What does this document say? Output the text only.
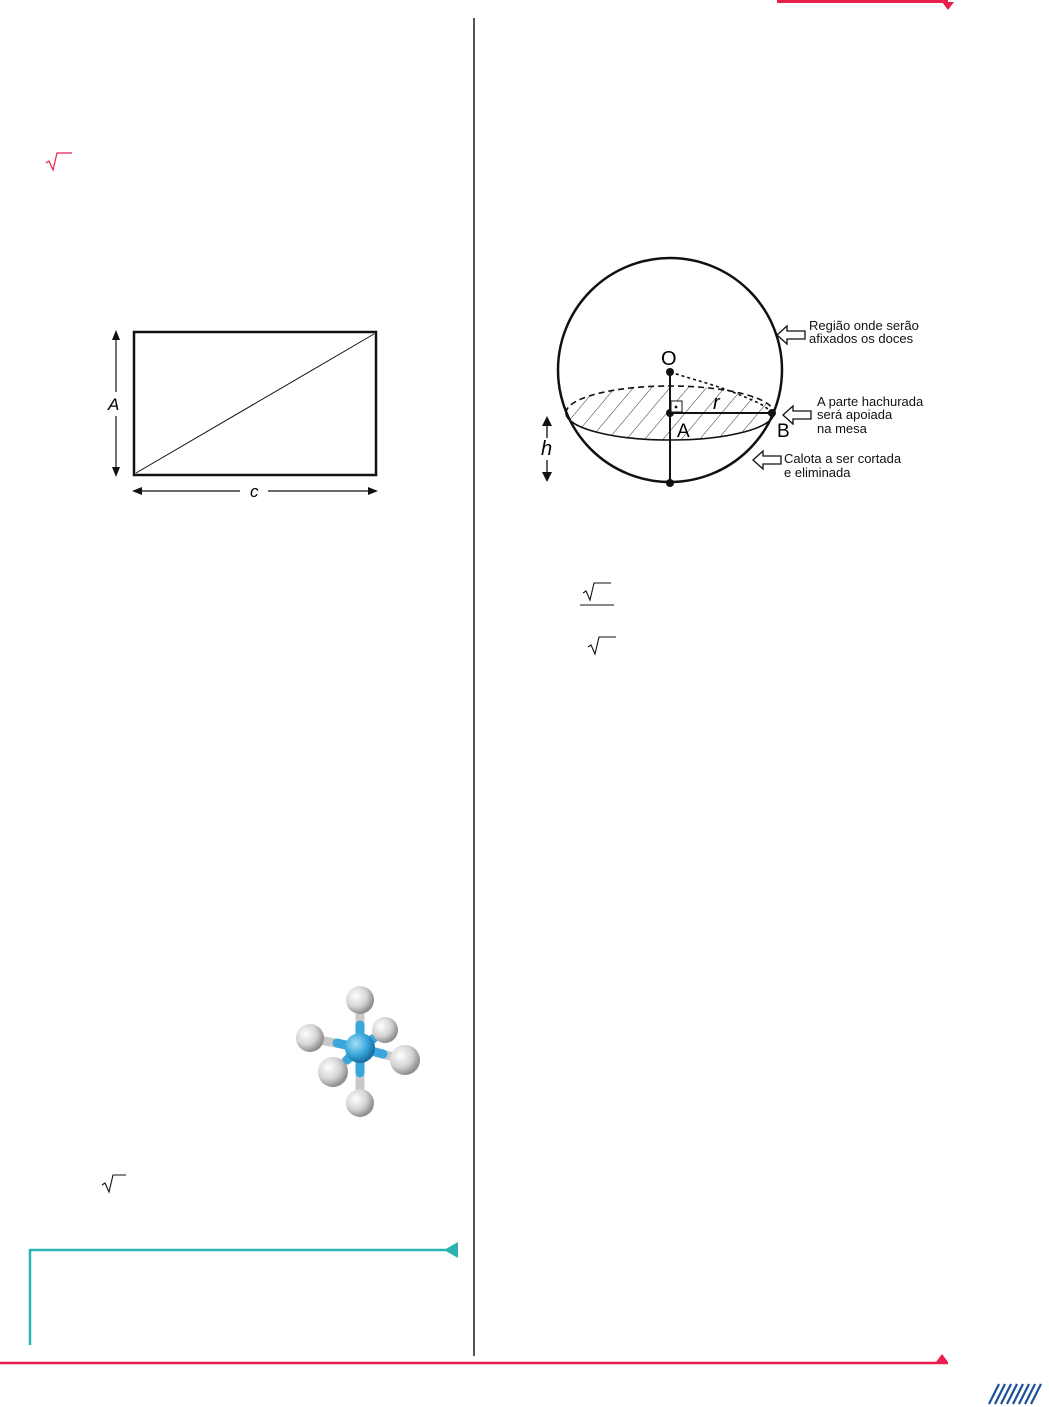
A
c
O
A	B
r
h
Região onde serão
afixados os doces
A parte hachurada
será apoiada
na mesa
Calota a ser cortada
e eliminada
